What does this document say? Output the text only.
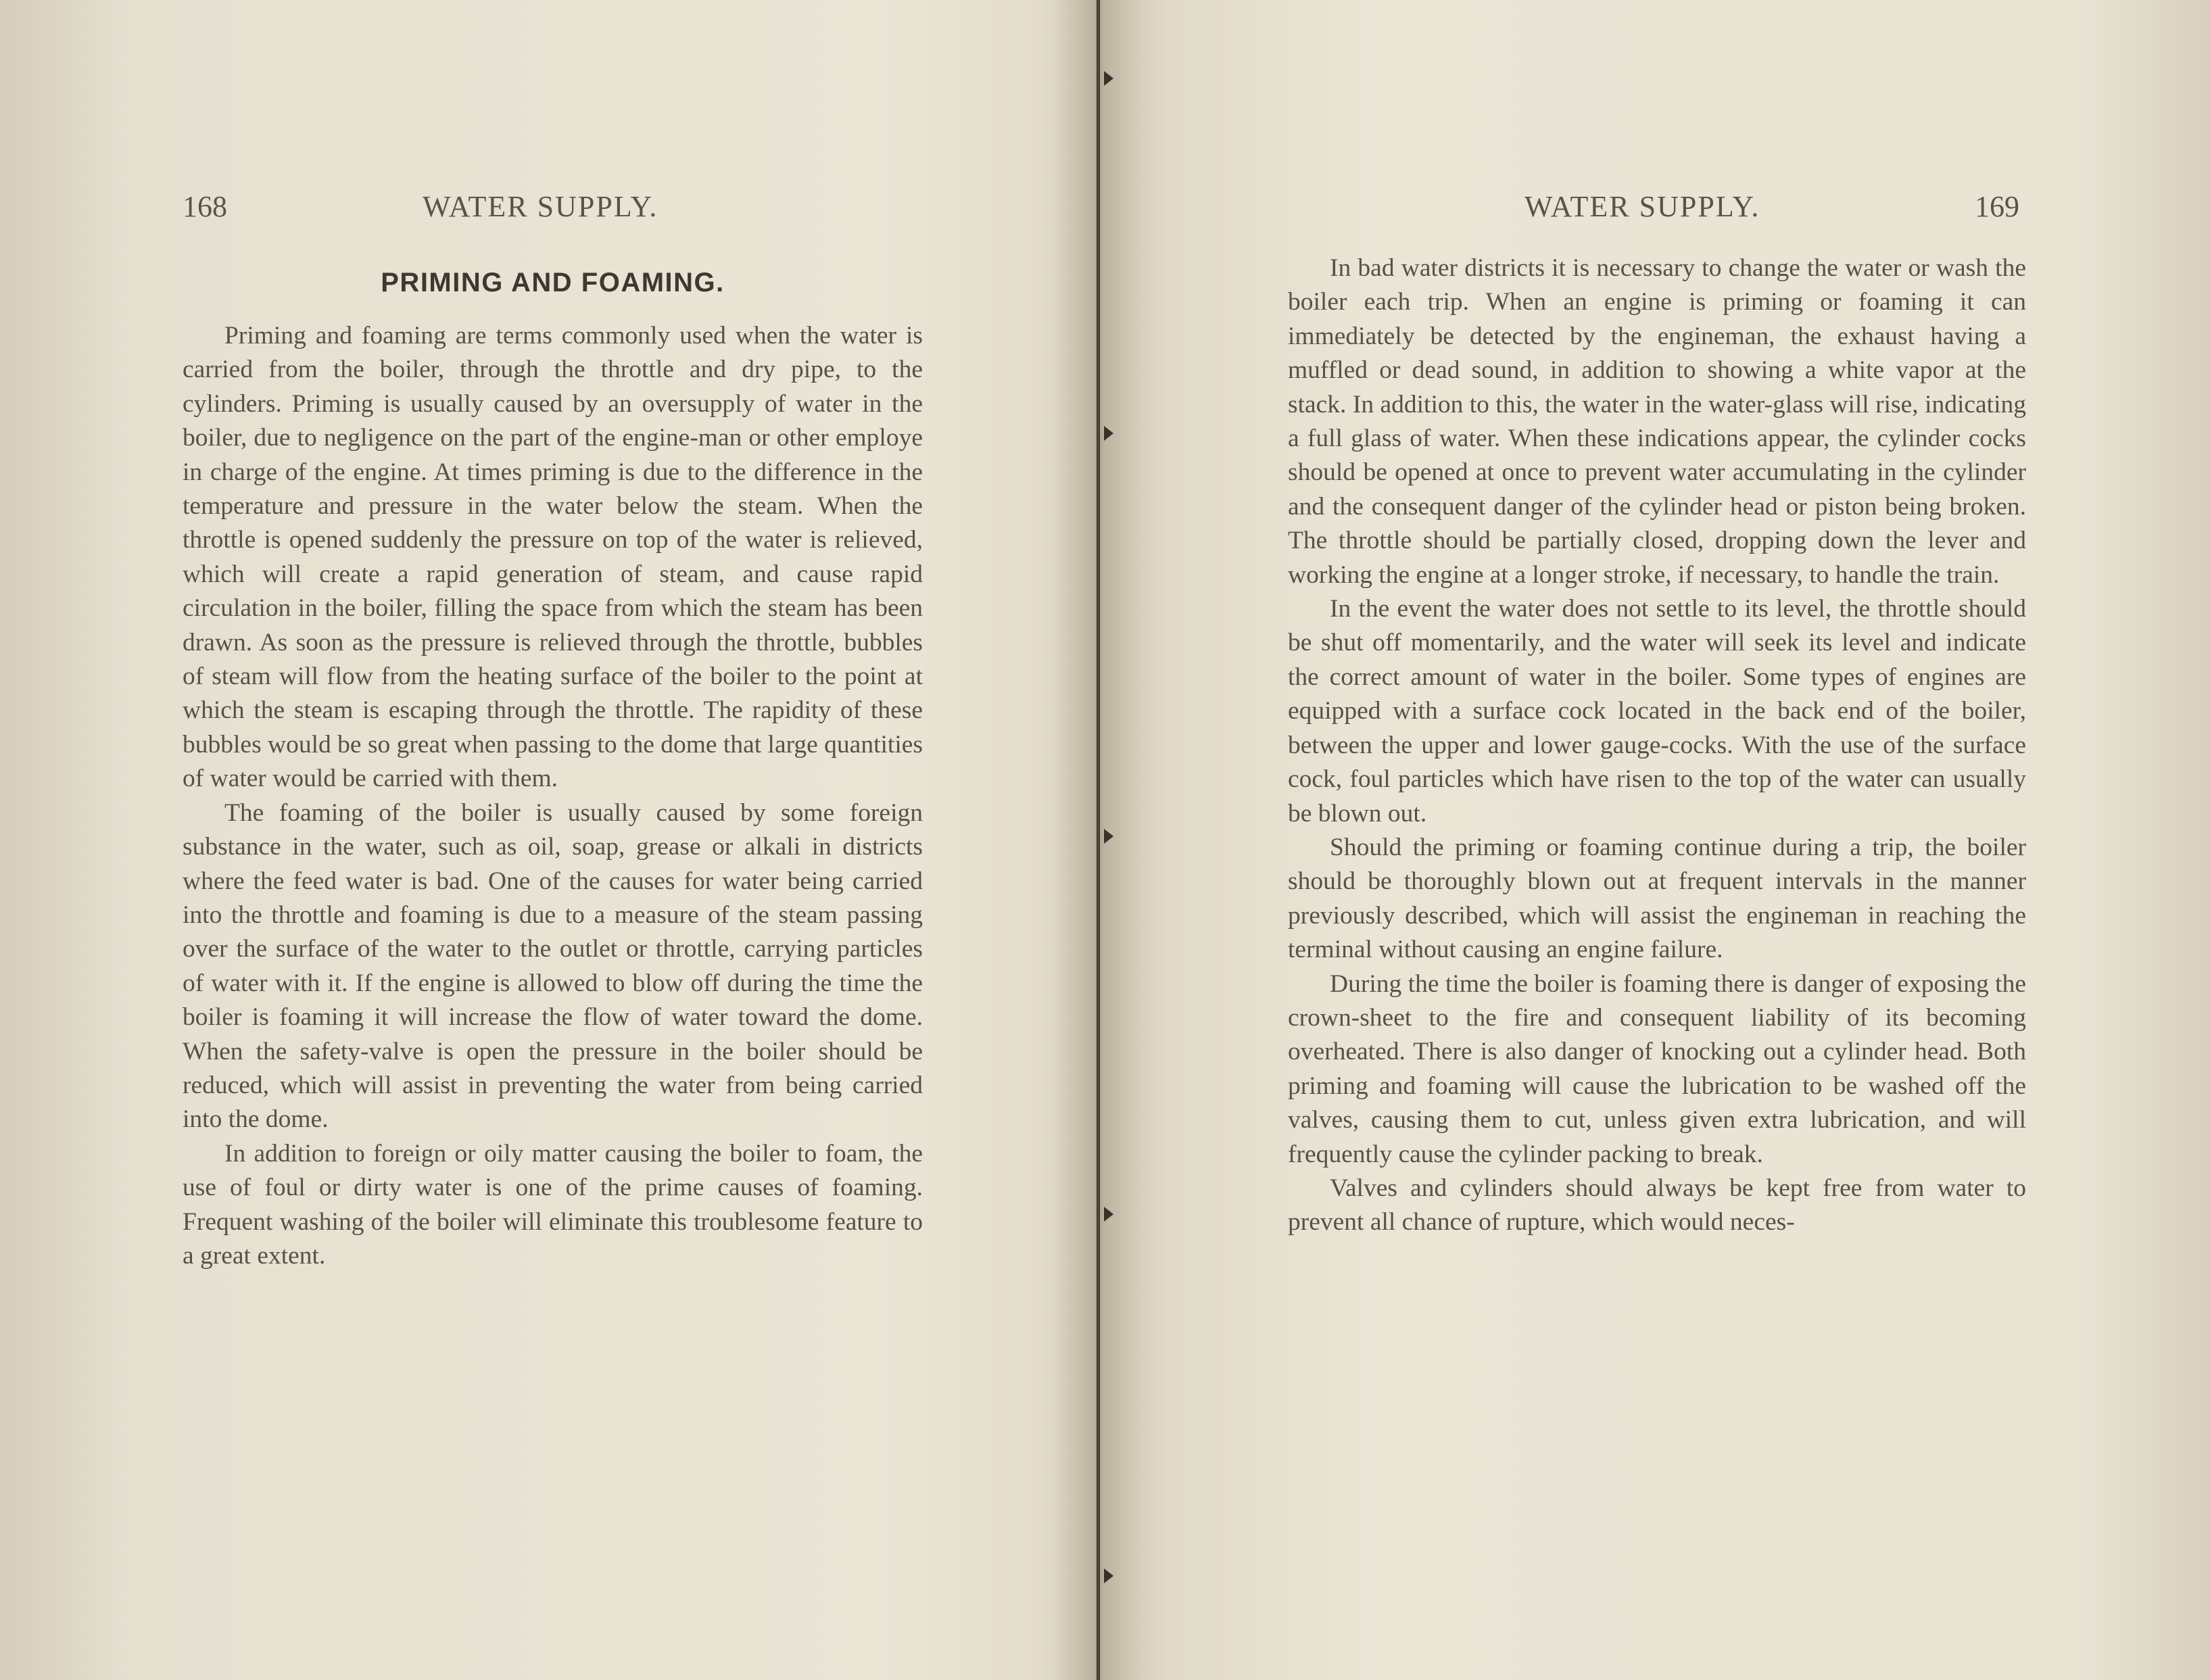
168	WATER SUPPLY.
PRIMING AND FOAMING.

Priming and foaming are terms commonly used when the water is carried from the boiler, through the throttle and dry pipe, to the cylinders. Priming is usually caused by an oversupply of water in the boiler, due to negligence on the part of the engine-man or other employe in charge of the engine. At times priming is due to the difference in the temperature and pressure in the water below the steam. When the throttle is opened suddenly the pressure on top of the water is relieved, which will create a rapid generation of steam, and cause rapid circulation in the boiler, filling the space from which the steam has been drawn. As soon as the pressure is relieved through the throttle, bubbles of steam will flow from the heating surface of the boiler to the point at which the steam is escaping through the throttle. The rapidity of these bubbles would be so great when passing to the dome that large quantities of water would be carried with them.

The foaming of the boiler is usually caused by some foreign substance in the water, such as oil, soap, grease or alkali in districts where the feed water is bad. One of the causes for water being carried into the throttle and foaming is due to a measure of the steam passing over the surface of the water to the outlet or throttle, carrying particles of water with it. If the engine is allowed to blow off during the time the boiler is foaming it will increase the flow of water toward the dome. When the safety-valve is open the pressure in the boiler should be reduced, which will assist in preventing the water from being carried into the dome.

In addition to foreign or oily matter causing the boiler to foam, the use of foul or dirty water is one of the prime causes of foaming. Frequent washing of the boiler will eliminate this troublesome feature to a great extent.

WATER SUPPLY.	169

In bad water districts it is necessary to change the water or wash the boiler each trip. When an engine is priming or foaming it can immediately be detected by the engineman, the exhaust having a muffled or dead sound, in addition to showing a white vapor at the stack. In addition to this, the water in the water-glass will rise, indicating a full glass of water. When these indications appear, the cylinder cocks should be opened at once to prevent water accumulating in the cylinder and the consequent danger of the cylinder head or piston being broken. The throttle should be partially closed, dropping down the lever and working the engine at a longer stroke, if necessary, to handle the train.

In the event the water does not settle to its level, the throttle should be shut off momentarily, and the water will seek its level and indicate the correct amount of water in the boiler. Some types of engines are equipped with a surface cock located in the back end of the boiler, between the upper and lower gauge-cocks. With the use of the surface cock, foul particles which have risen to the top of the water can usually be blown out.

Should the priming or foaming continue during a trip, the boiler should be thoroughly blown out at frequent intervals in the manner previously described, which will assist the engineman in reaching the terminal without causing an engine failure.

During the time the boiler is foaming there is danger of exposing the crown-sheet to the fire and consequent liability of its becoming overheated. There is also danger of knocking out a cylinder head. Both priming and foaming will cause the lubrication to be washed off the valves, causing them to cut, unless given extra lubrication, and will frequently cause the cylinder packing to break.

Valves and cylinders should always be kept free from water to prevent all chance of rupture, which would neces-
